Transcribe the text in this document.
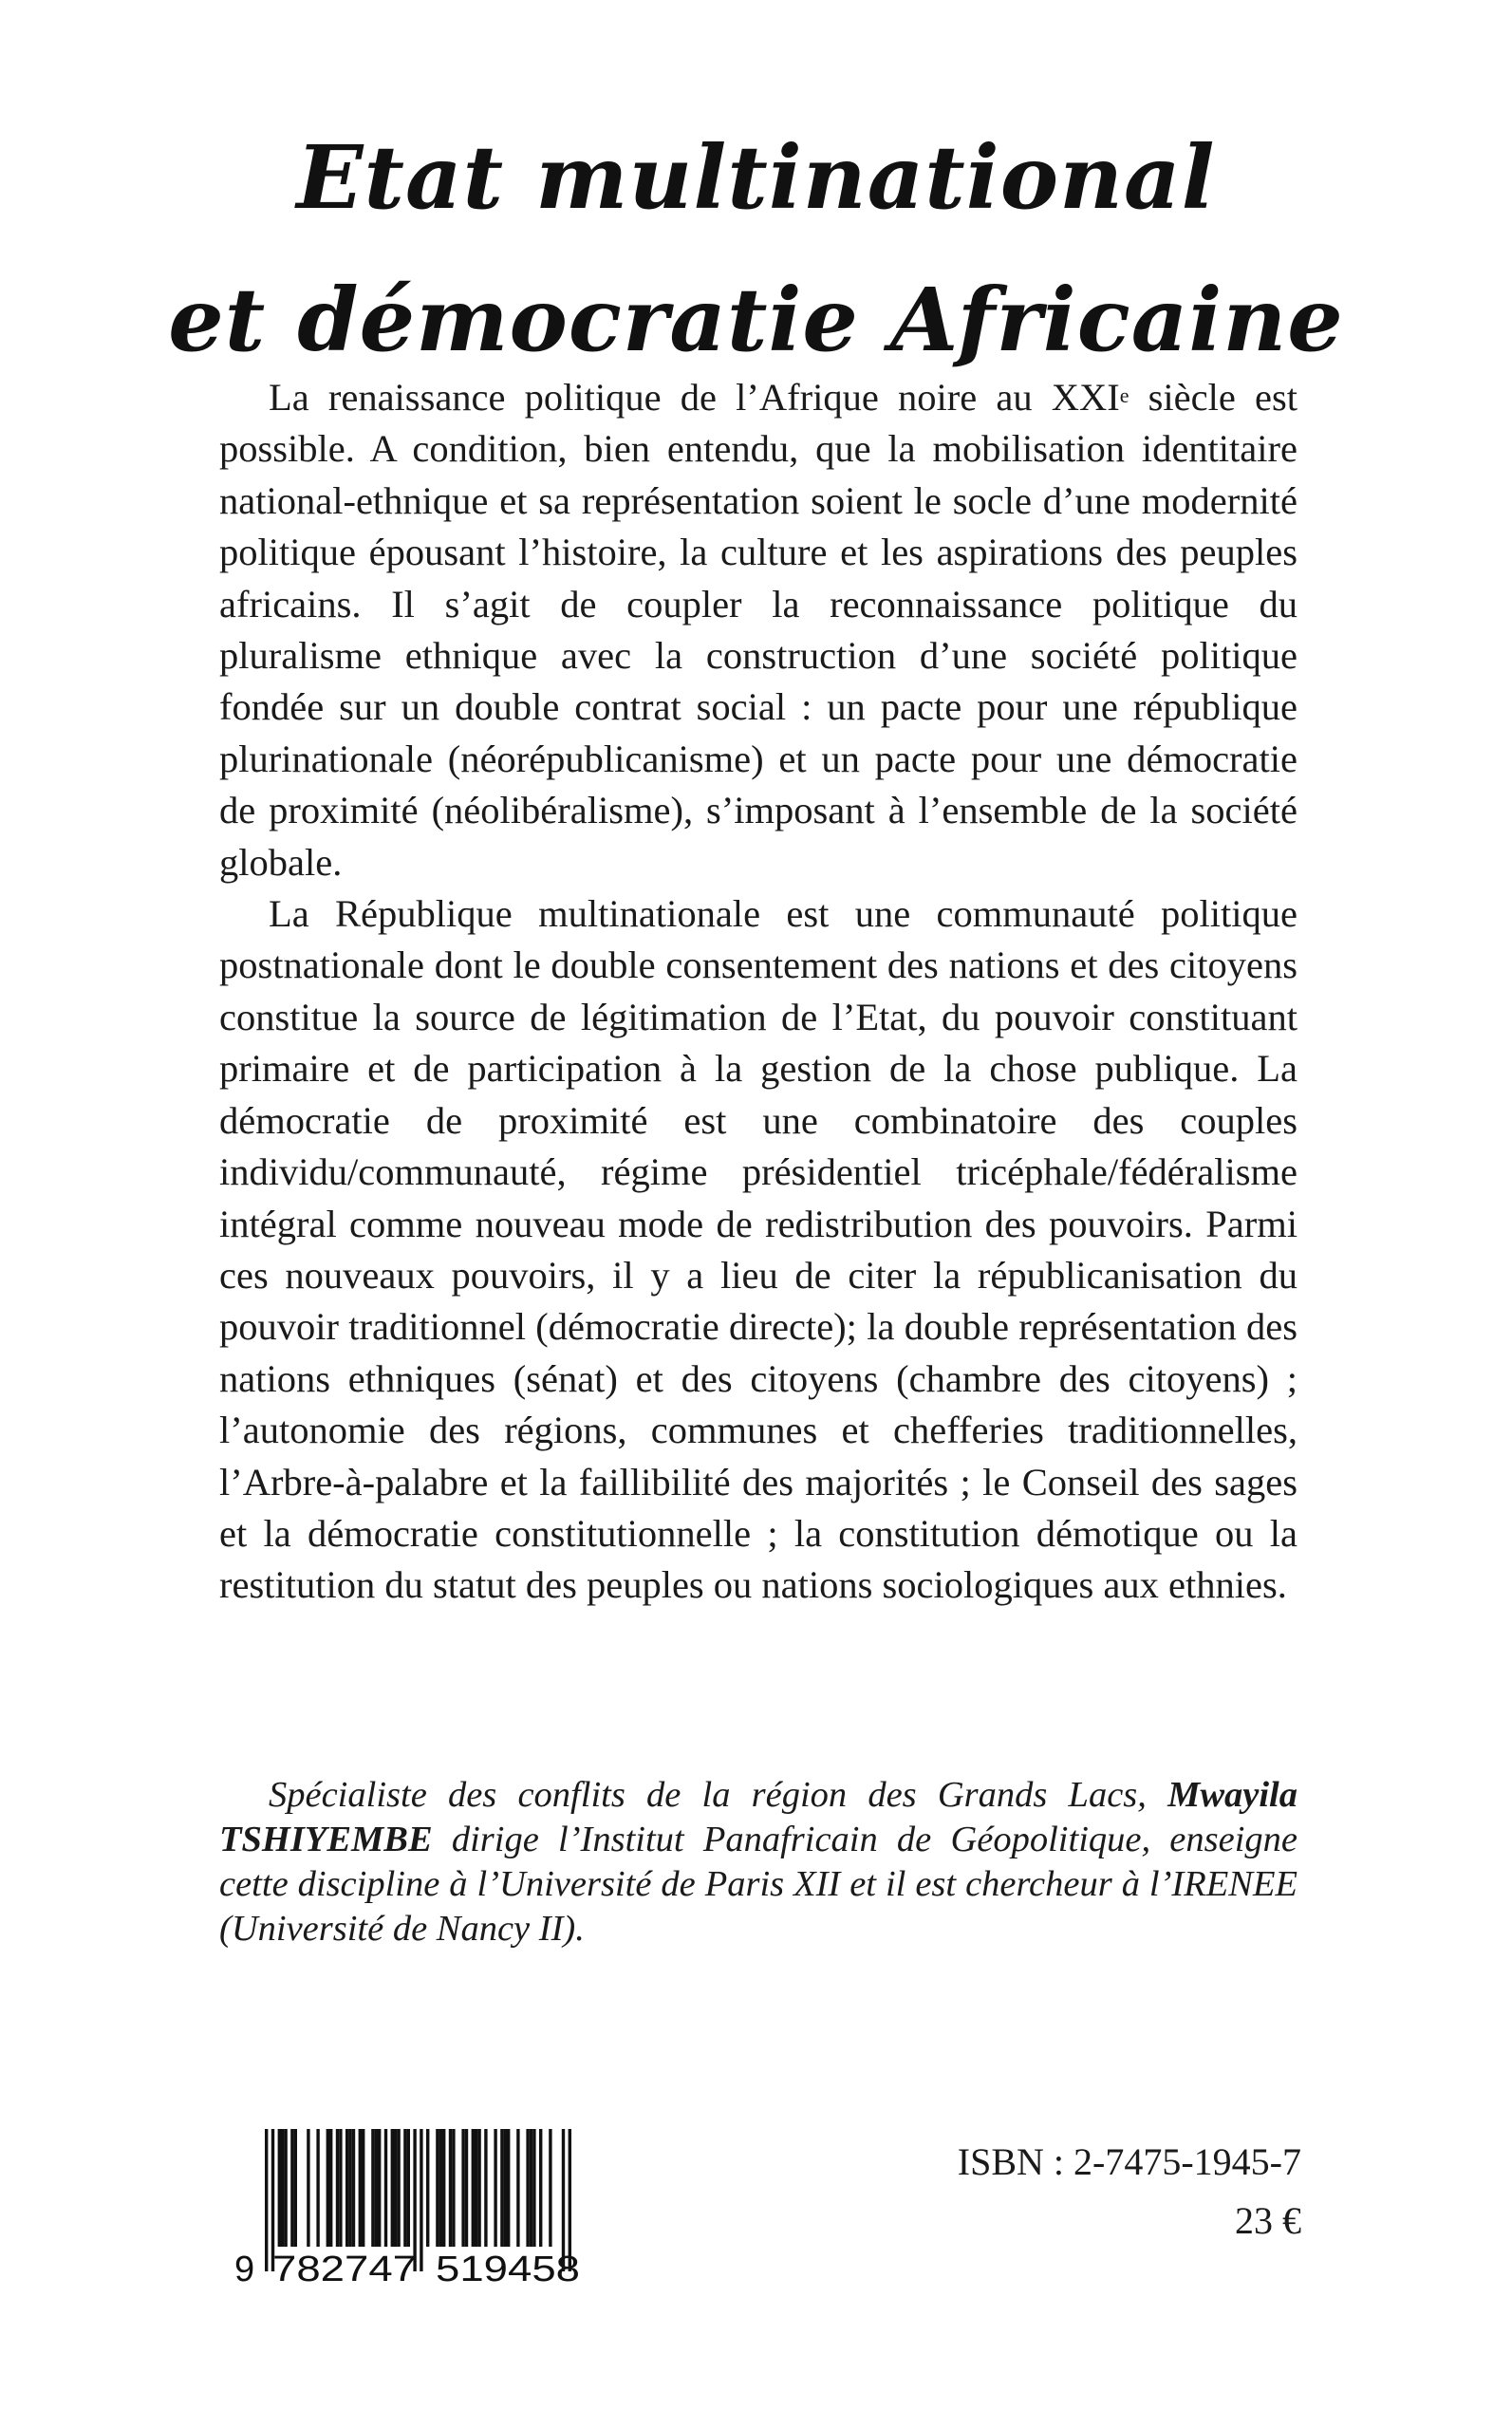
Etat multinational
et démocratie Africaine

La renaissance politique de l’Afrique noire au XXIe siècle est possible. A condition, bien entendu, que la mobilisation identitaire national-ethnique et sa représentation soient le socle d’une modernité politique épousant l’histoire, la culture et les aspirations des peuples africains. Il s’agit de coupler la reconnaissance politique du pluralisme ethnique avec la construction d’une société politique fondée sur un double contrat social : un pacte pour une république plurinationale (néorépublicanisme) et un pacte pour une démocratie de proximité (néolibéralisme), s’imposant à l’ensemble de la société globale.

La République multinationale est une communauté politique postnationale dont le double consentement des nations et des citoyens constitue la source de légitimation de l’Etat, du pouvoir constituant primaire et de participation à la gestion de la chose publique. La démocratie de proximité est une combinatoire des couples individu/communauté, régime présidentiel tricéphale/fédéralisme intégral comme nouveau mode de redistribution des pouvoirs. Parmi ces nouveaux pouvoirs, il y a lieu de citer la républicanisation du pouvoir traditionnel (démocratie directe); la double représentation des nations ethniques (sénat) et des citoyens (chambre des citoyens) ; l’autonomie des régions, communes et chefferies traditionnelles, l’Arbre-à-palabre et la faillibilité des majorités ; le Conseil des sages et la démocratie constitutionnelle ; la constitution démotique ou la restitution du statut des peuples ou nations sociologiques aux ethnies.

Spécialiste des conflits de la région des Grands Lacs, Mwayila TSHIYEMBE dirige l’Institut Panafricain de Géopolitique, enseigne cette discipline à l’Université de Paris XII et il est chercheur à l’IRENEE (Université de Nancy II).

9 782747 519458
ISBN : 2-7475-1945-7
23 €
